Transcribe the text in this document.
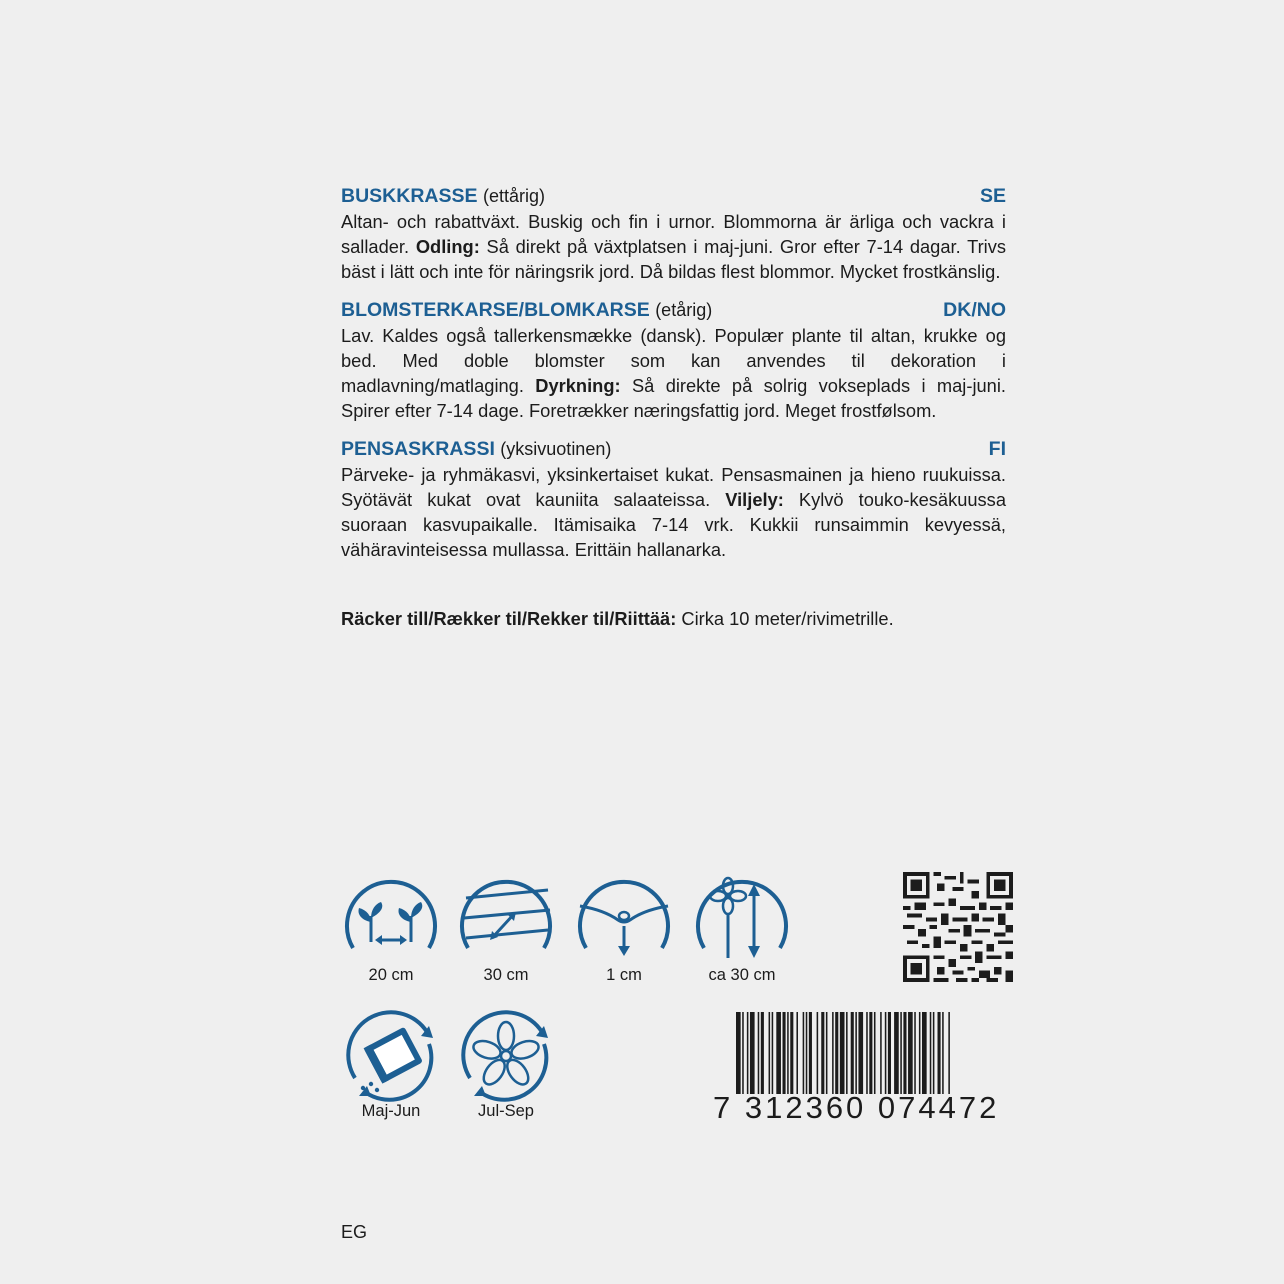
BUSKKRASSE (ettårig)	SE
Altan- och rabattväxt. Buskig och fin i urnor. Blommorna är ärliga och vackra i sallader. Odling: Så direkt på växtplatsen i maj-juni. Gror efter 7-14 dagar. Trivs bäst i lätt och inte för näringsrik jord. Då bildas flest blommor. Mycket frostkänslig.
BLOMSTERKARSE/BLOMKARSE (etårig)	DK/NO
Lav. Kaldes også tallerkensmække (dansk). Populær plante til altan, krukke og bed. Med doble blomster som kan anvendes til dekoration i madlavning/matlaging. Dyrkning: Så direkte på solrig vokseplads i maj-juni. Spirer efter 7-14 dage. Foretrækker næringsfattig jord. Meget frostfølsom.
PENSASKRASSI (yksivuotinen)	FI
Pärveke- ja ryhmäkasvi, yksinkertaiset kukat. Pensasmainen ja hieno ruukuissa. Syötävät kukat ovat kauniita salaateissa. Viljely: Kylvö touko-kesäkuussa suoraan kasvupaikalle. Itämisaika 7-14 vrk. Kukkii runsaimmin kevyessä, vähäravinteisessa mullassa. Erittäin hallanarka.
Räcker till/Rækker til/Rekker til/Riittää: Cirka 10 meter/rivimetrille.
20 cm	30 cm	1 cm	ca 30 cm
Maj-Jun	Jul-Sep	7 312360 074472
EG
